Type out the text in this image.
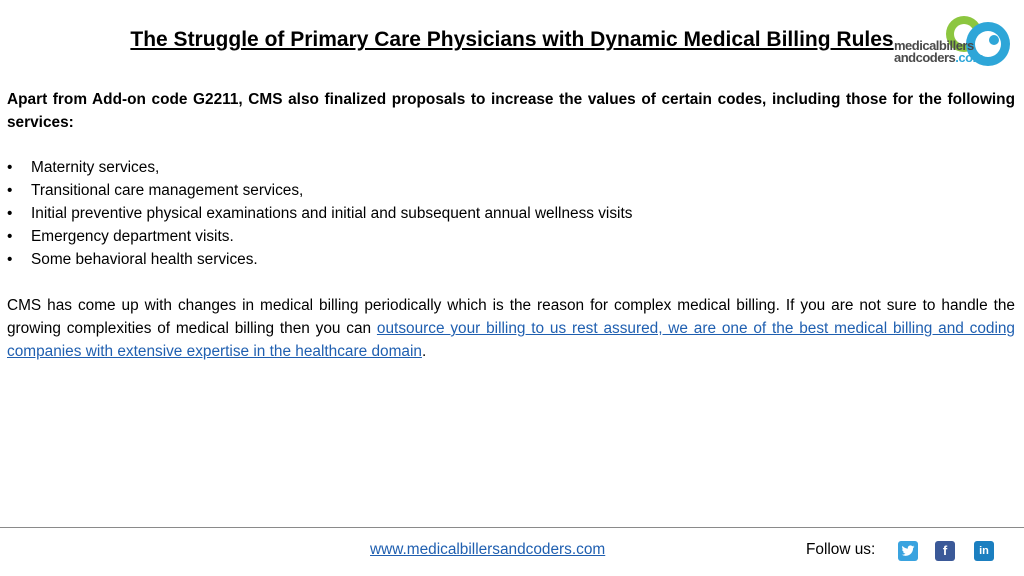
The Struggle of Primary Care Physicians with Dynamic Medical Billing Rules medicalbillers
andcoders.com

Apart from Add-on code G2211, CMS also finalized proposals to increase the values of certain codes, including those for the following services:

• Maternity services,
• Transitional care management services,
• Initial preventive physical examinations and initial and subsequent annual wellness visits
• Emergency department visits.
• Some behavioral health services.

CMS has come up with changes in medical billing periodically which is the reason for complex medical billing. If you are not sure to handle the growing complexities of medical billing then you can outsource your billing to us rest assured, we are one of the best medical billing and coding companies with extensive expertise in the healthcare domain.

www.medicalbillersandcoders.com	Follow us:	f	in
